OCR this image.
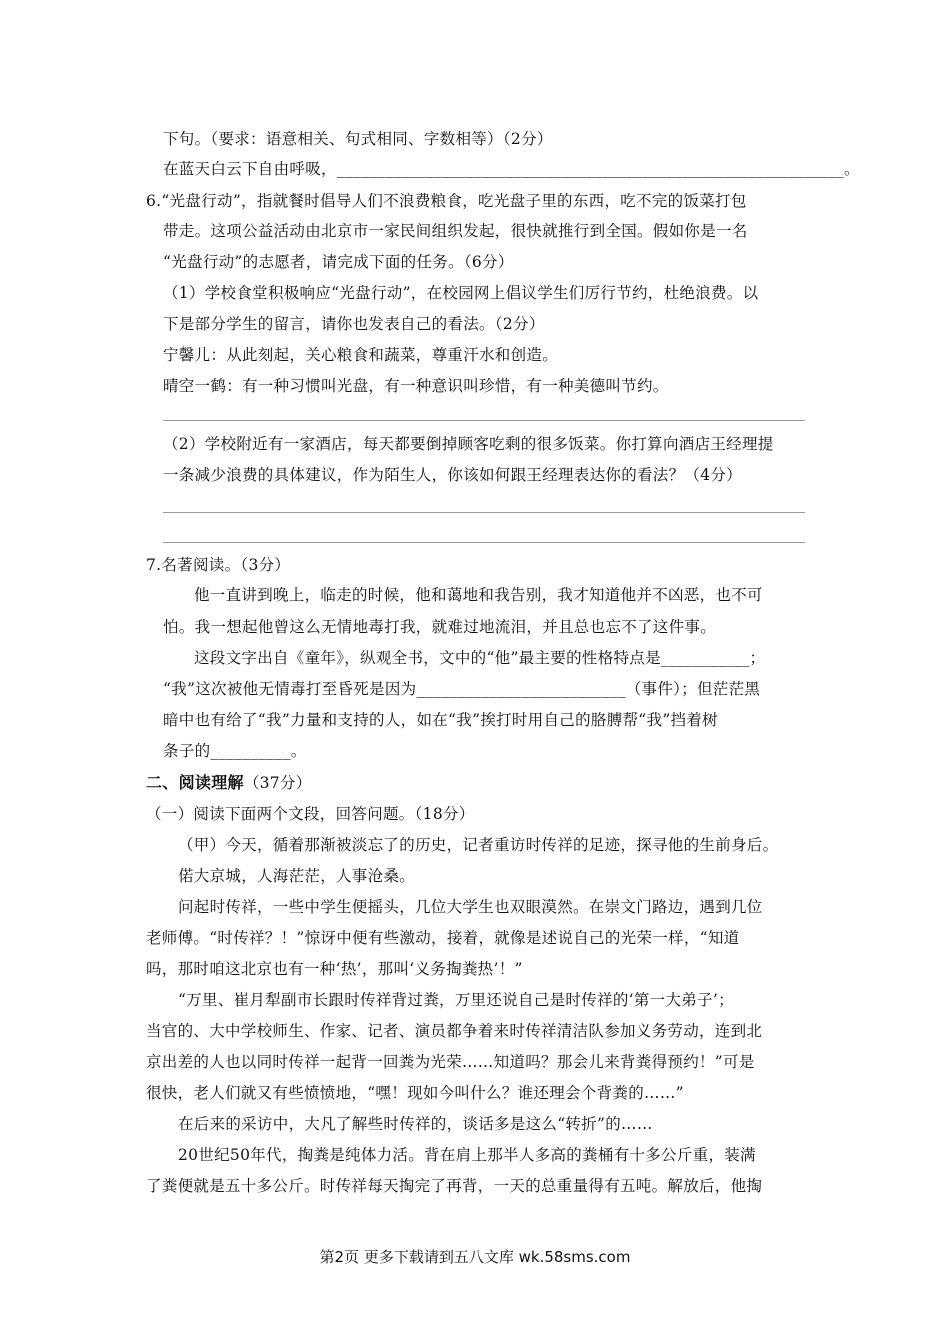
下句。（要求：语意相关、句式相同、字数相等）（2分）
在蓝天白云下自由呼吸，_______________________________________________________________。
6.“光盘行动”，指就餐时倡导人们不浪费粮食，吃光盘子里的东西，吃不完的饭菜打包
带走。这项公益活动由北京市一家民间组织发起，很快就推行到全国。假如你是一名
“光盘行动”的志愿者，请完成下面的任务。（6分）
（1）学校食堂积极响应“光盘行动”，在校园网上倡议学生们厉行节约，杜绝浪费。以
下是部分学生的留言，请你也发表自己的看法。（2分）
宁馨儿：从此刻起，关心粮食和蔬菜，尊重汗水和创造。
晴空一鹤：有一种习惯叫光盘，有一种意识叫珍惜，有一种美德叫节约。
（2）学校附近有一家酒店，每天都要倒掉顾客吃剩的很多饭菜。你打算向酒店王经理提
一条减少浪费的具体建议，作为陌生人，你该如何跟王经理表达你的看法？（4分）
7.名著阅读。（3分）
他一直讲到晚上，临走的时候，他和蔼地和我告别，我才知道他并不凶恶，也不可
怕。我一想起他曾这么无情地毒打我，就难过地流泪，并且总也忘不了这件事。
这段文字出自《童年》，纵观全书，文中的“他”最主要的性格特点是___________；
“我”这次被他无情毒打至昏死是因为__________________________（事件）；但茫茫黑
暗中也有给了“我”力量和支持的人，如在“我”挨打时用自己的胳膊帮“我”挡着树
条子的__________。
二、阅读理解（37分）
（一）阅读下面两个文段，回答问题。（18分）
（甲）今天，循着那渐被淡忘了的历史，记者重访时传祥的足迹，探寻他的生前身后。
偌大京城，人海茫茫，人事沧桑。
问起时传祥，一些中学生便摇头，几位大学生也双眼漠然。在崇文门路边，遇到几位
老师傅。“时传祥？！”惊讶中便有些激动，接着，就像是述说自己的光荣一样，“知道
吗，那时咱这北京也有一种‘热’，那叫‘义务掏粪热’！”
“万里、崔月犁副市长跟时传祥背过粪，万里还说自己是时传祥的‘第一大弟子’；
当官的、大中学校师生、作家、记者、演员都争着来时传祥清洁队参加义务劳动，连到北
京出差的人也以同时传祥一起背一回粪为光荣……知道吗？那会儿来背粪得预约！”可是
很快，老人们就又有些愤愤地，“嘿！现如今叫什么？谁还理会个背粪的……”
在后来的采访中，大凡了解些时传祥的，谈话多是这么“转折”的……
20世纪50年代，掏粪是纯体力活。背在肩上那半人多高的粪桶有十多公斤重，装满
了粪便就是五十多公斤。时传祥每天掏完了再背，一天的总重量得有五吨。解放后，他掏
第2页 更多下载请到五八文库 wk.58sms.com
